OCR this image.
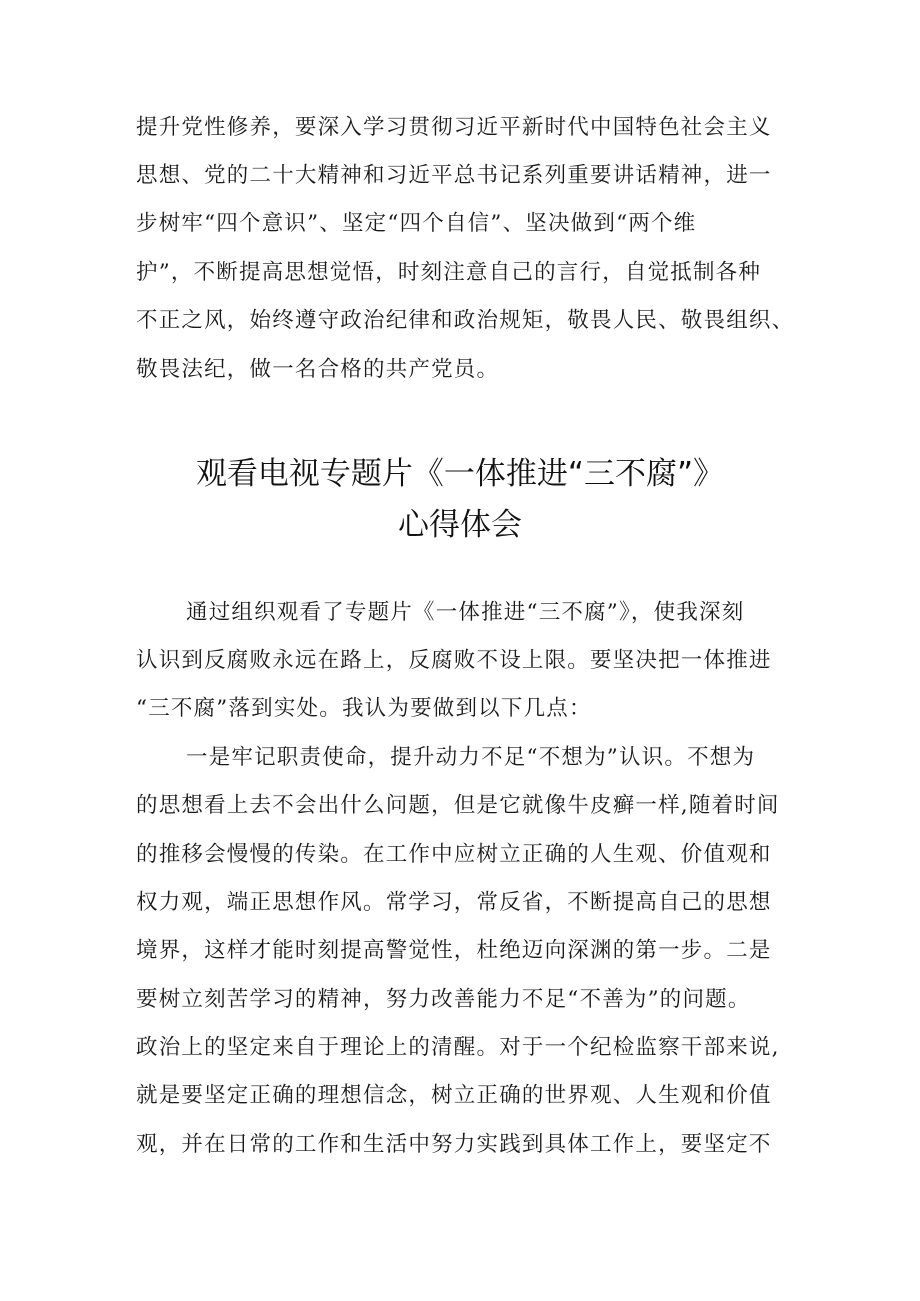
提升党性修养，要深入学习贯彻习近平新时代中国特色社会主义
思想、党的二十大精神和习近平总书记系列重要讲话精神，进一
步树牢“四个意识”、坚定“四个自信”、坚决做到“两个维
护”，不断提高思想觉悟，时刻注意自己的言行，自觉抵制各种
不正之风，始终遵守政治纪律和政治规矩，敬畏人民、敬畏组织、
敬畏法纪，做一名合格的共产党员。
观看电视专题片《一体推进“三不腐”》
心得体会
通过组织观看了专题片《一体推进“三不腐”》，使我深刻
认识到反腐败永远在路上，反腐败不设上限。要坚决把一体推进
“三不腐”落到实处。我认为要做到以下几点：
一是牢记职责使命，提升动力不足“不想为”认识。不想为
的思想看上去不会出什么问题，但是它就像牛皮癣一样,随着时间
的推移会慢慢的传染。在工作中应树立正确的人生观、价值观和
权力观，端正思想作风。常学习，常反省，不断提高自己的思想
境界，这样才能时刻提高警觉性，杜绝迈向深渊的第一步。二是
要树立刻苦学习的精神，努力改善能力不足“不善为”的问题。
政治上的坚定来自于理论上的清醒。对于一个纪检监察干部来说,
就是要坚定正确的理想信念，树立正确的世界观、人生观和价值
观，并在日常的工作和生活中努力实践到具体工作上，要坚定不
